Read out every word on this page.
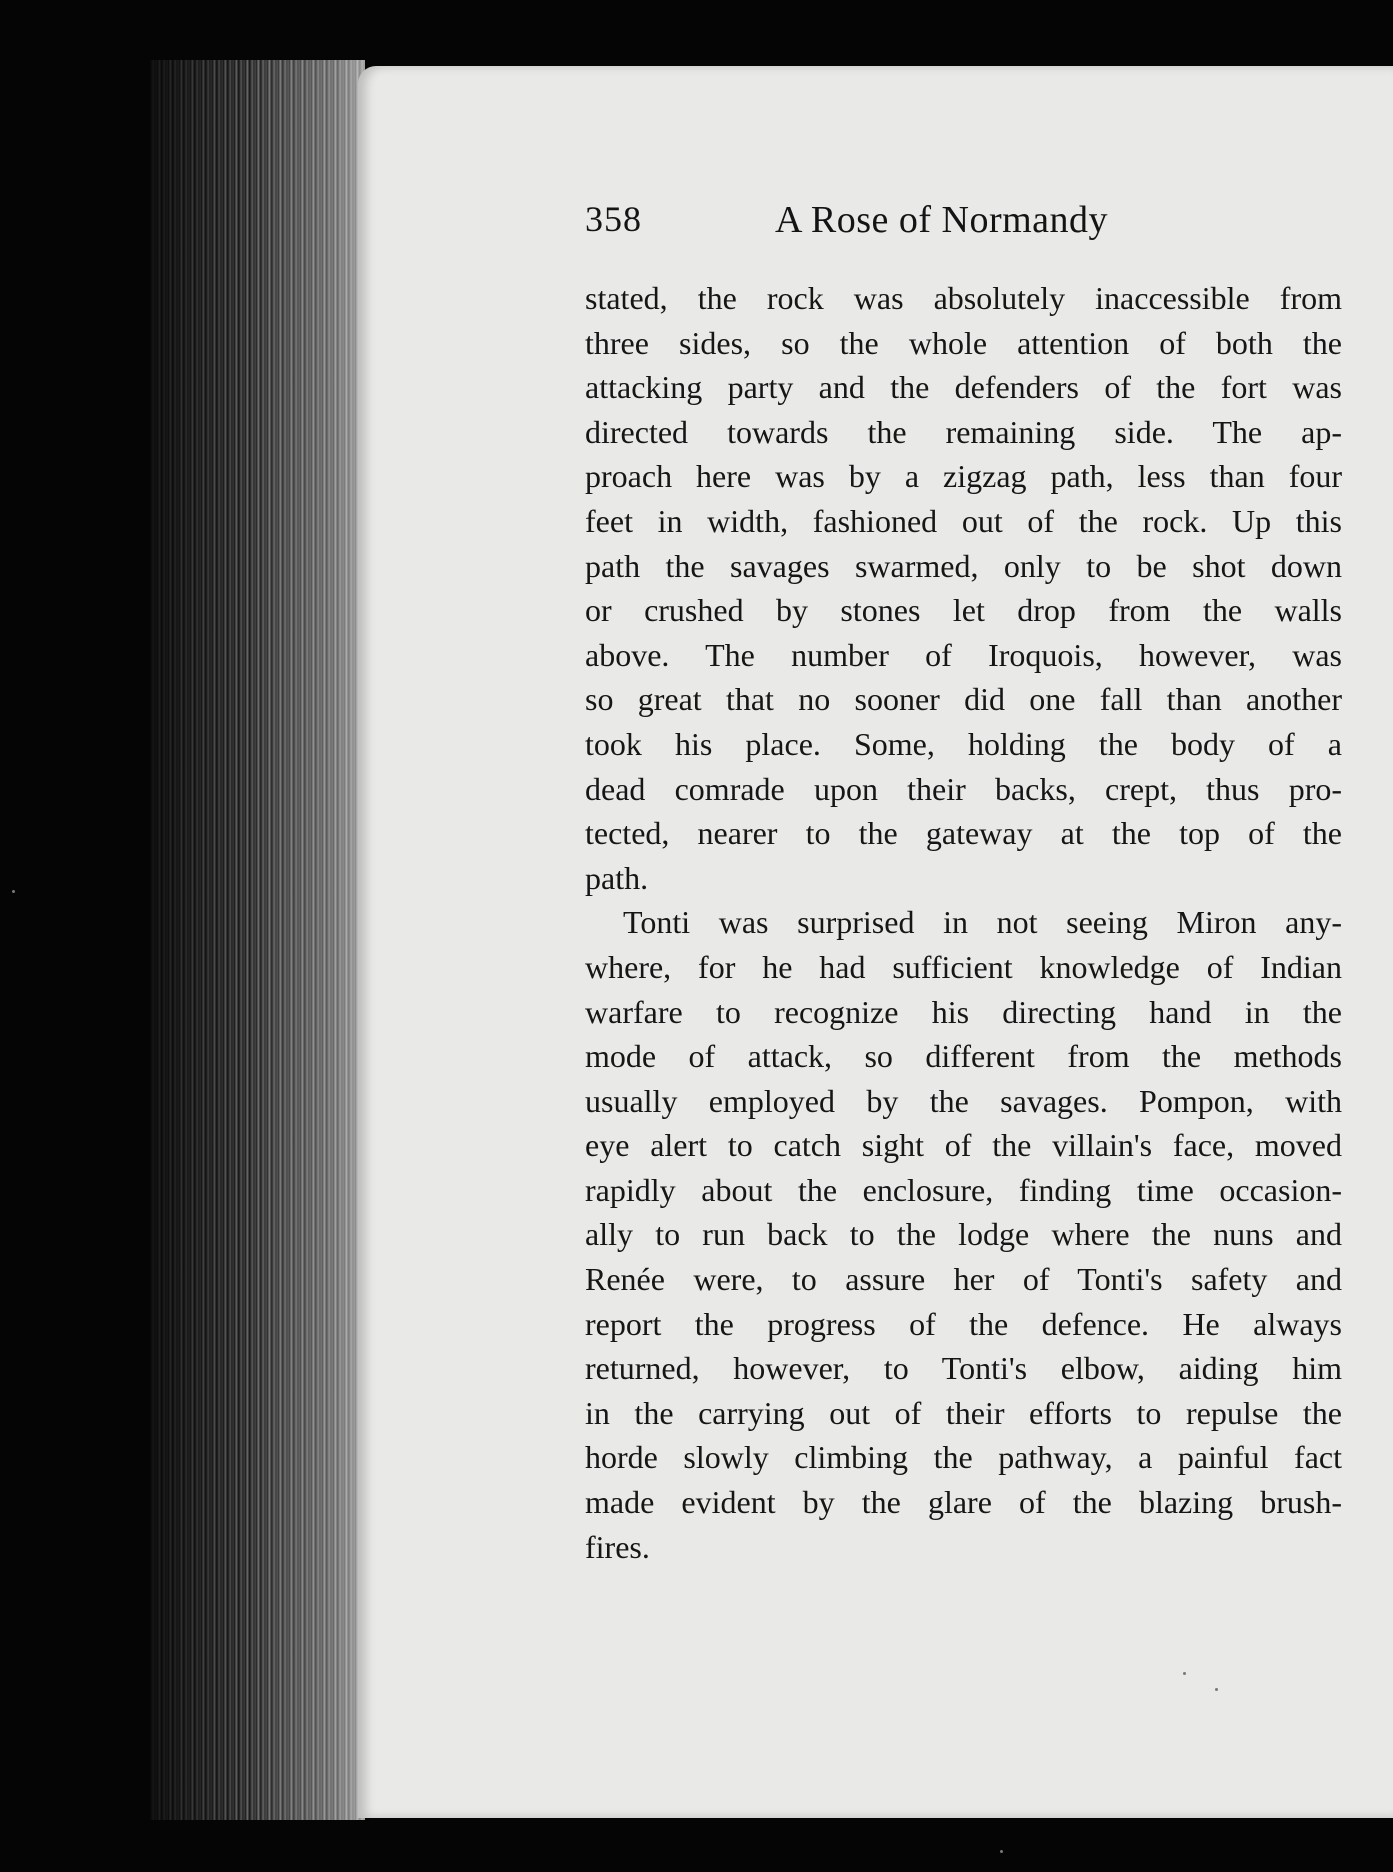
358	A Rose of Normandy
stated, the rock was absolutely inaccessible from
three sides, so the whole attention of both the
attacking party and the defenders of the fort was
directed towards the remaining side. The ap-
proach here was by a zigzag path, less than four
feet in width, fashioned out of the rock. Up this
path the savages swarmed, only to be shot down
or crushed by stones let drop from the walls
above. The number of Iroquois, however, was
so great that no sooner did one fall than another
took his place. Some, holding the body of a
dead comrade upon their backs, crept, thus pro-
tected, nearer to the gateway at the top of the
path.
Tonti was surprised in not seeing Miron any-
where, for he had sufficient knowledge of Indian
warfare to recognize his directing hand in the
mode of attack, so different from the methods
usually employed by the savages. Pompon, with
eye alert to catch sight of the villain's face, moved
rapidly about the enclosure, finding time occasion-
ally to run back to the lodge where the nuns and
Renée were, to assure her of Tonti's safety and
report the progress of the defence. He always
returned, however, to Tonti's elbow, aiding him
in the carrying out of their efforts to repulse the
horde slowly climbing the pathway, a painful fact
made evident by the glare of the blazing brush-
fires.
